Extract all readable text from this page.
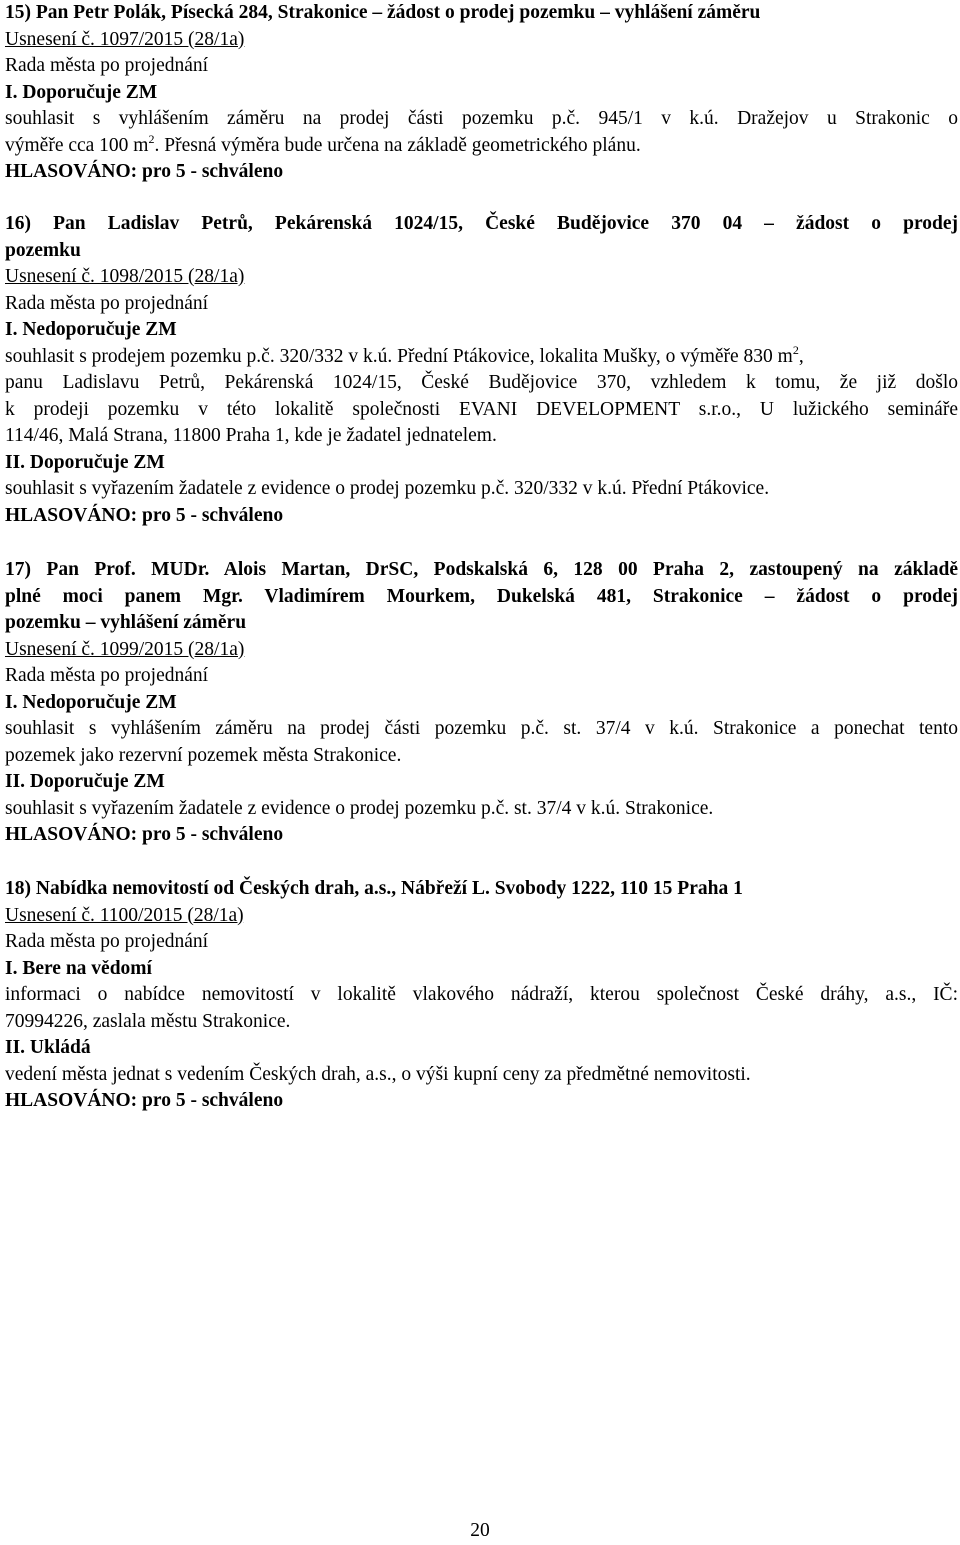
15) Pan Petr Polák, Písecká 284, Strakonice – žádost o prodej pozemku – vyhlášení záměru
Usnesení č. 1097/2015 (28/1a)
Rada města po projednání
I. Doporučuje ZM
souhlasit s vyhlášením záměru na prodej části pozemku p.č. 945/1 v k.ú. Dražejov u Strakonic o
výměře cca 100 $m^2$. Přesná výměra bude určena na základě geometrického plánu.
HLASOVÁNO: pro 5 - schváleno
16) Pan Ladislav Petrů, Pekárenská 1024/15, České Budějovice 370 04 – žádost o prodej
pozemku
Usnesení č. 1098/2015 (28/1a)
Rada města po projednání
I. Nedoporučuje ZM
souhlasit s prodejem pozemku p.č. 320/332 v k.ú. Přední Ptákovice, lokalita Mušky, o výměře 830 $m^2$,
panu Ladislavu Petrů, Pekárenská 1024/15, České Budějovice 370, vzhledem k tomu, že již došlo
k prodeji pozemku v této lokalitě společnosti EVANI DEVELOPMENT s.r.o., U lužického semináře
114/46, Malá Strana, 11800 Praha 1, kde je žadatel jednatelem.
II. Doporučuje ZM
souhlasit s vyřazením žadatele z evidence o prodej pozemku p.č. 320/332 v k.ú. Přední Ptákovice.
HLASOVÁNO: pro 5 - schváleno
17) Pan Prof. MUDr. Alois Martan, DrSC, Podskalská 6, 128 00 Praha 2, zastoupený na základě
plné moci panem Mgr. Vladimírem Mourkem, Dukelská 481, Strakonice – žádost o prodej
pozemku – vyhlášení záměru
Usnesení č. 1099/2015 (28/1a)
Rada města po projednání
I. Nedoporučuje ZM
souhlasit s vyhlášením záměru na prodej části pozemku p.č. st. 37/4 v k.ú. Strakonice a ponechat tento
pozemek jako rezervní pozemek města Strakonice.
II. Doporučuje ZM
souhlasit s vyřazením žadatele z evidence o prodej pozemku p.č. st. 37/4 v k.ú. Strakonice.
HLASOVÁNO: pro 5 - schváleno
18) Nabídka nemovitostí od Českých drah, a.s., Nábřeží L. Svobody 1222, 110 15 Praha 1
Usnesení č. 1100/2015 (28/1a)
Rada města po projednání
I. Bere na vědomí
informaci o nabídce nemovitostí v lokalitě vlakového nádraží, kterou společnost České dráhy, a.s., IČ:
70994226, zaslala městu Strakonice.
II. Ukládá
vedení města jednat s vedením Českých drah, a.s., o výši kupní ceny za předmětné nemovitosti.
HLASOVÁNO: pro 5 - schváleno
20
